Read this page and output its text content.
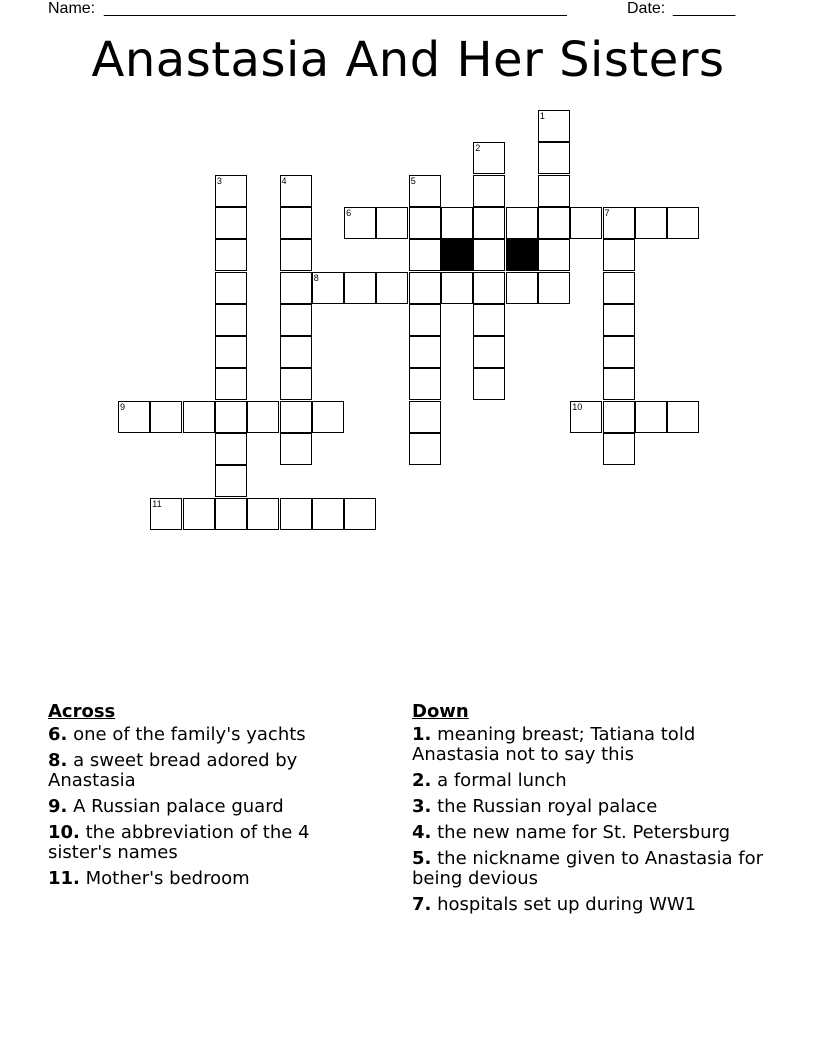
Name: ____________________________________________________	Date: _______
Anastasia And Her Sisters
1
2
3	4	5
6	7
8
9	10
11
Across
6. one of the family's yachts
8. a sweet bread adored by Anastasia
9. A Russian palace guard
10. the abbreviation of the 4 sister's names
11. Mother's bedroom
Down
1. meaning breast; Tatiana told Anastasia not to say this
2. a formal lunch
3. the Russian royal palace
4. the new name for St. Petersburg
5. the nickname given to Anastasia for being devious
7. hospitals set up during WW1
